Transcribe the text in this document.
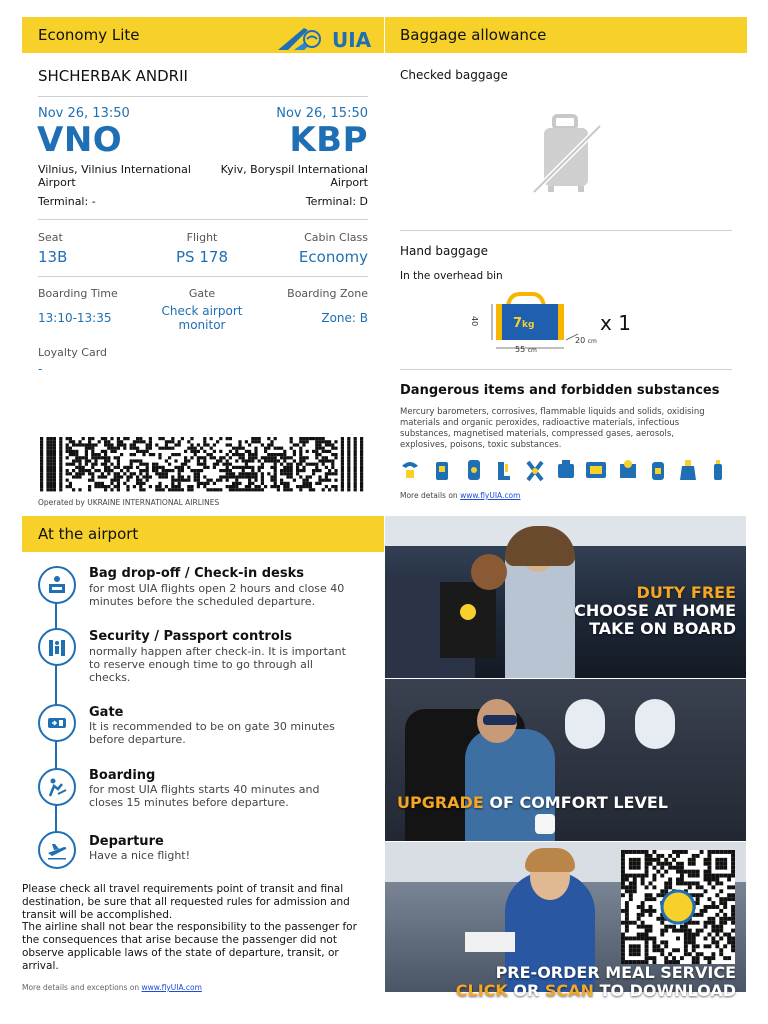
Economy Lite	UIA
SHCHERBAK ANDRII
Nov 26, 13:50	Nov 26, 15:50
VNO	KBP
Vilnius, Vilnius International Airport
Kyiv, Boryspil International Airport
Terminal: -	Terminal: D
Seat	Flight	Cabin Class
13B	PS 178	Economy
Boarding Time	Gate	Boarding Zone
13:10-13:35	Check airport monitor	Zone: B
Loyalty Card
-
Operated by UKRAINE INTERNATIONAL AIRLINES
Baggage allowance
Checked baggage
Hand baggage
In the overhead bin
7kg
40
55 cm
20 cm
x 1
Dangerous items and forbidden substances
Mercury barometers, corrosives, flammable liquids and solids, oxidising materials and organic peroxides, radioactive materials, infectious substances, magnetised materials, compressed gases, aerosols, explosives, poisons, toxic substances.
More details on www.flyUIA.com
At the airport
Bag drop-off / Check-in desks
for most UIA flights open 2 hours and close 40 minutes before the scheduled departure.
Security / Passport controls
normally happen after check-in. It is important to reserve enough time to go through all checks.
Gate
It is recommended to be on gate 30 minutes before departure.
Boarding
for most UIA flights starts 40 minutes and closes 15 minutes before departure.
Departure
Have a nice flight!
Please check all travel requirements point of transit and final destination, be sure that all requested rules for admission and transit will be accomplished.
The airline shall not bear the responsibility to the passenger for the consequences that arise because the passenger did not observe applicable laws of the state of departure, transit, or arrival.
More details and exceptions on www.flyUIA.com
DUTY FREE
CHOOSE AT HOME
TAKE ON BOARD
UPGRADE OF COMFORT LEVEL
PRE-ORDER MEAL SERVICE
CLICK OR SCAN TO DOWNLOAD
